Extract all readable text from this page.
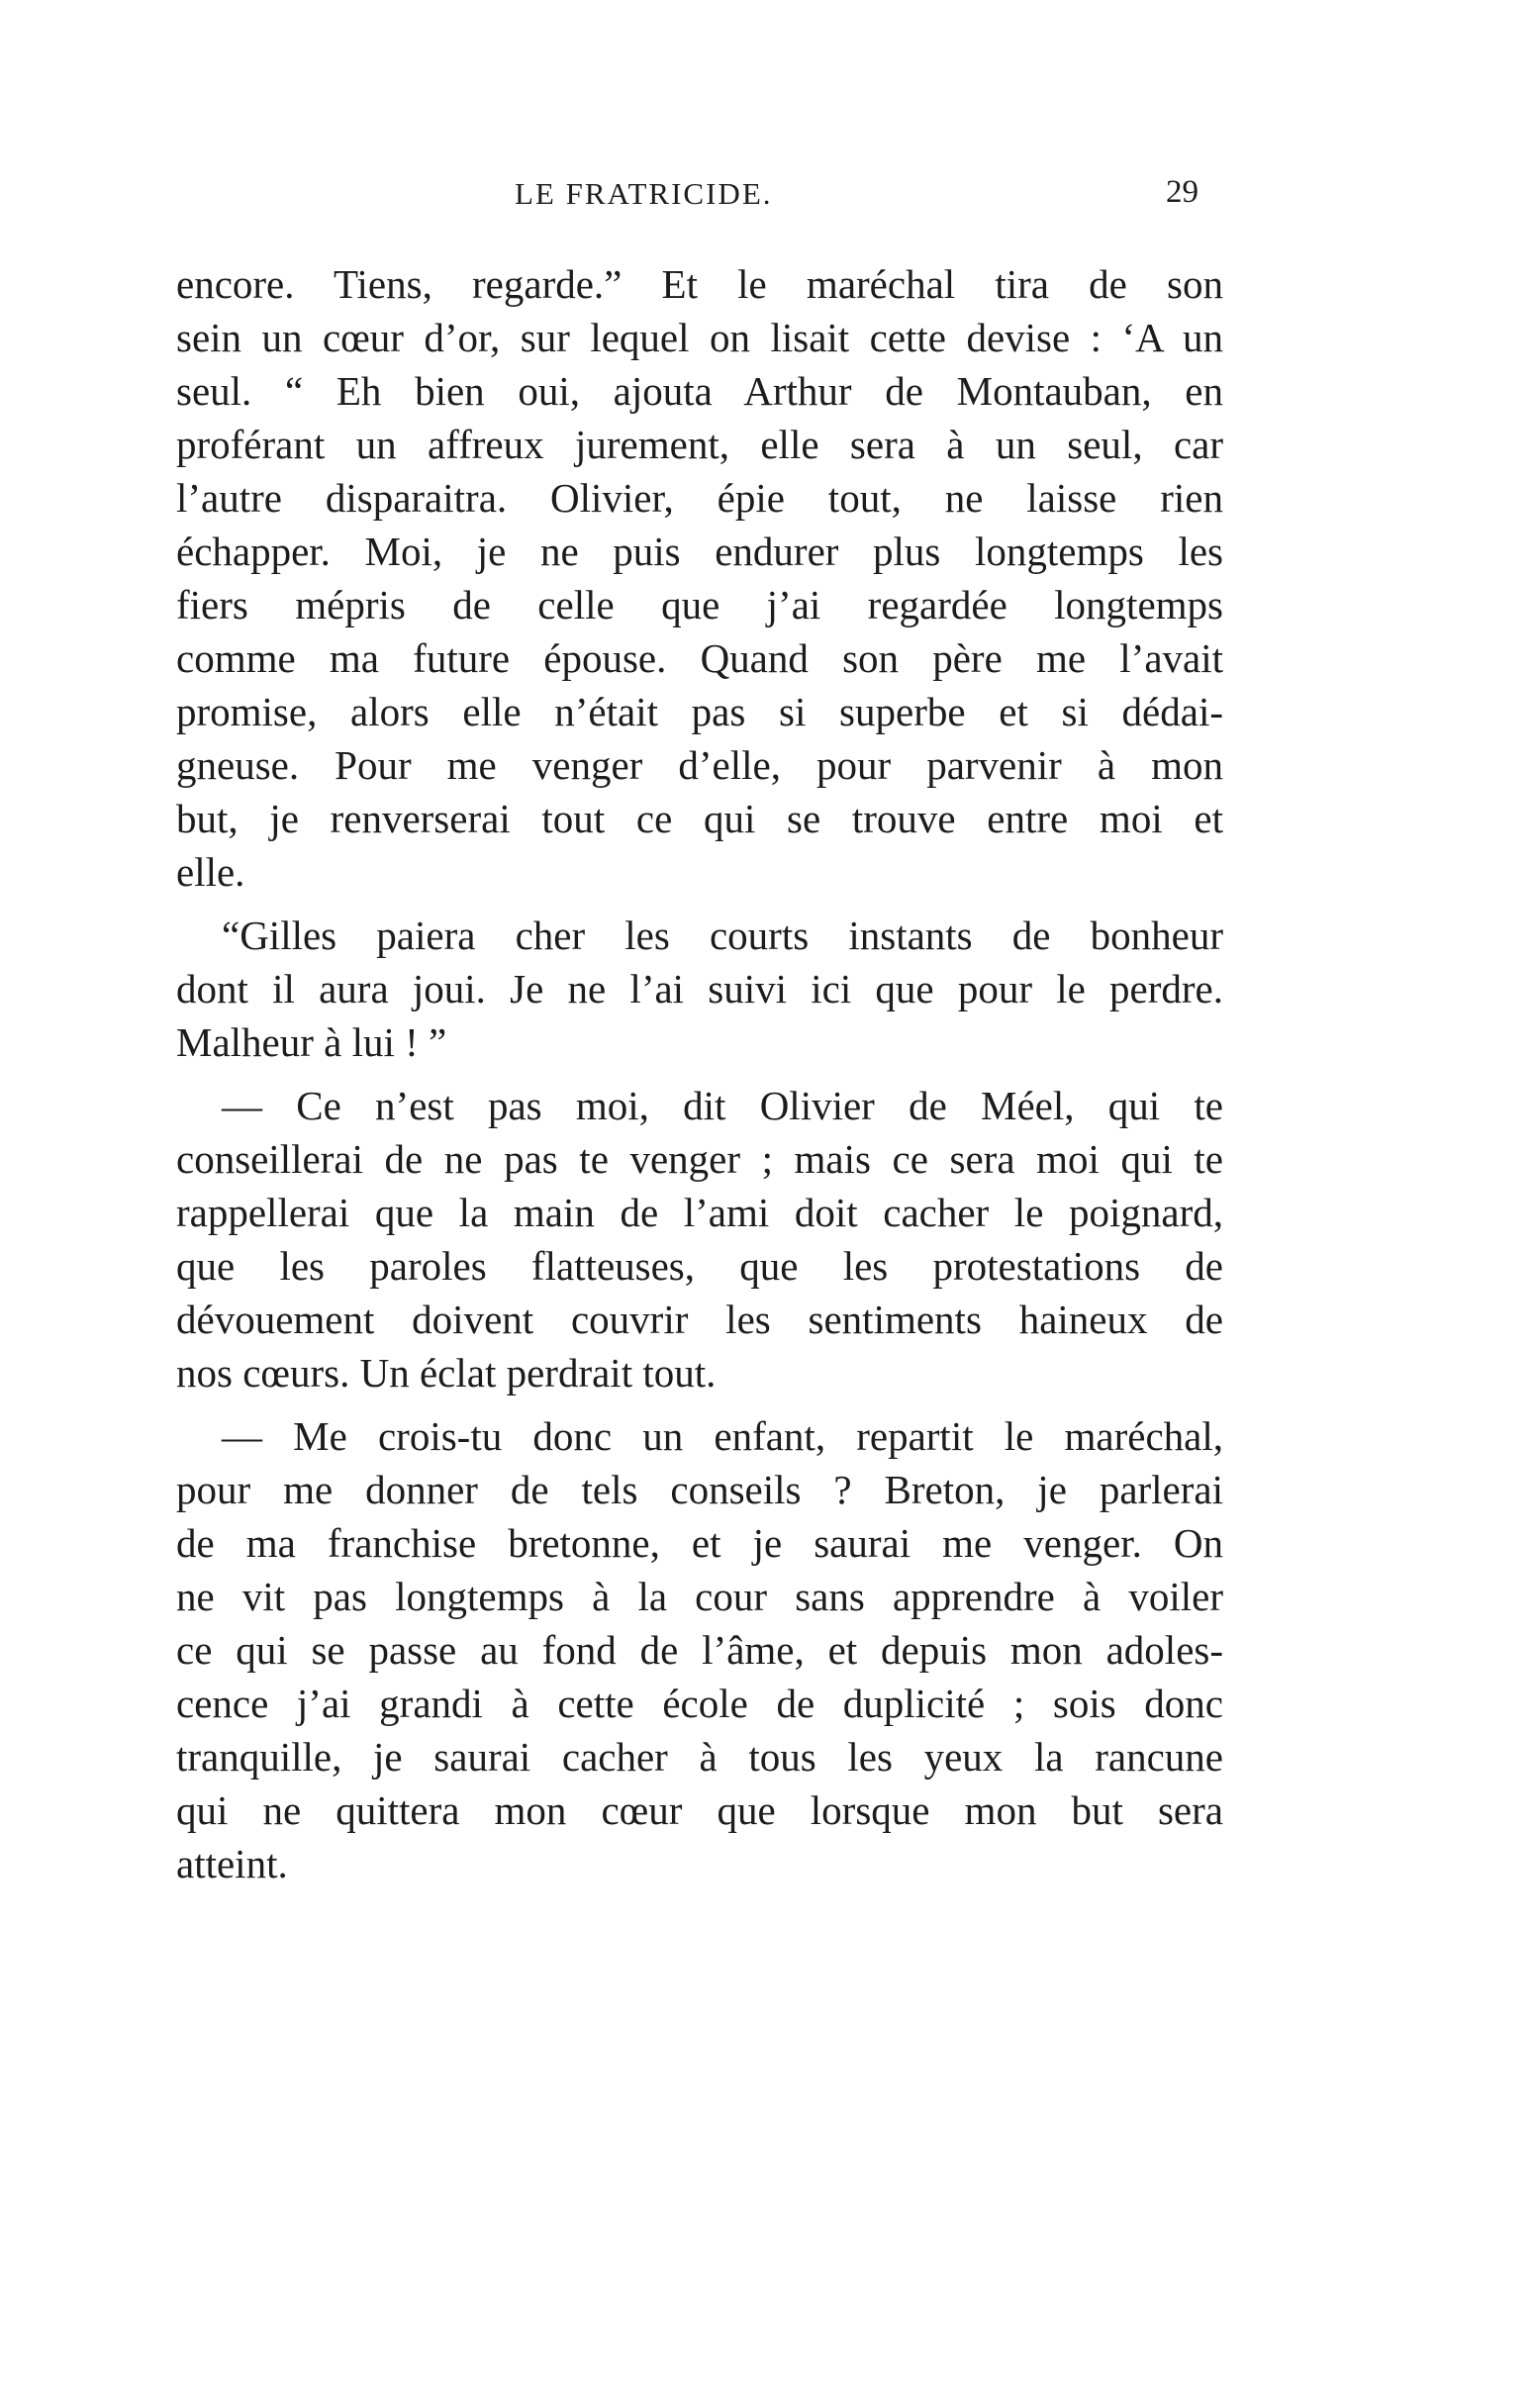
LE FRATRICIDE.	29
encore. Tiens, regarde.” Et le maréchal tira de son
sein un cœur d’or, sur lequel on lisait cette devise : ‘A un
seul. “ Eh bien oui, ajouta Arthur de Montauban, en
proférant un affreux jurement, elle sera à un seul, car
l’autre disparaitra. Olivier, épie tout, ne laisse rien
échapper. Moi, je ne puis endurer plus longtemps les
fiers mépris de celle que j’ai regardée longtemps
comme ma future épouse. Quand son père me l’avait
promise, alors elle n’était pas si superbe et si dédai-
gneuse. Pour me venger d’elle, pour parvenir à mon
but, je renverserai tout ce qui se trouve entre moi et
elle.
“Gilles paiera cher les courts instants de bonheur
dont il aura joui. Je ne l’ai suivi ici que pour le perdre.
Malheur à lui ! ”
— Ce n’est pas moi, dit Olivier de Méel, qui te
conseillerai de ne pas te venger ; mais ce sera moi qui te
rappellerai que la main de l’ami doit cacher le poignard,
que les paroles flatteuses, que les protestations de
dévouement doivent couvrir les sentiments haineux de
nos cœurs. Un éclat perdrait tout.
— Me crois-tu donc un enfant, repartit le maréchal,
pour me donner de tels conseils ? Breton, je parlerai
de ma franchise bretonne, et je saurai me venger. On
ne vit pas longtemps à la cour sans apprendre à voiler
ce qui se passe au fond de l’âme, et depuis mon adoles-
cence j’ai grandi à cette école de duplicité ; sois donc
tranquille, je saurai cacher à tous les yeux la rancune
qui ne quittera mon cœur que lorsque mon but sera
atteint.
